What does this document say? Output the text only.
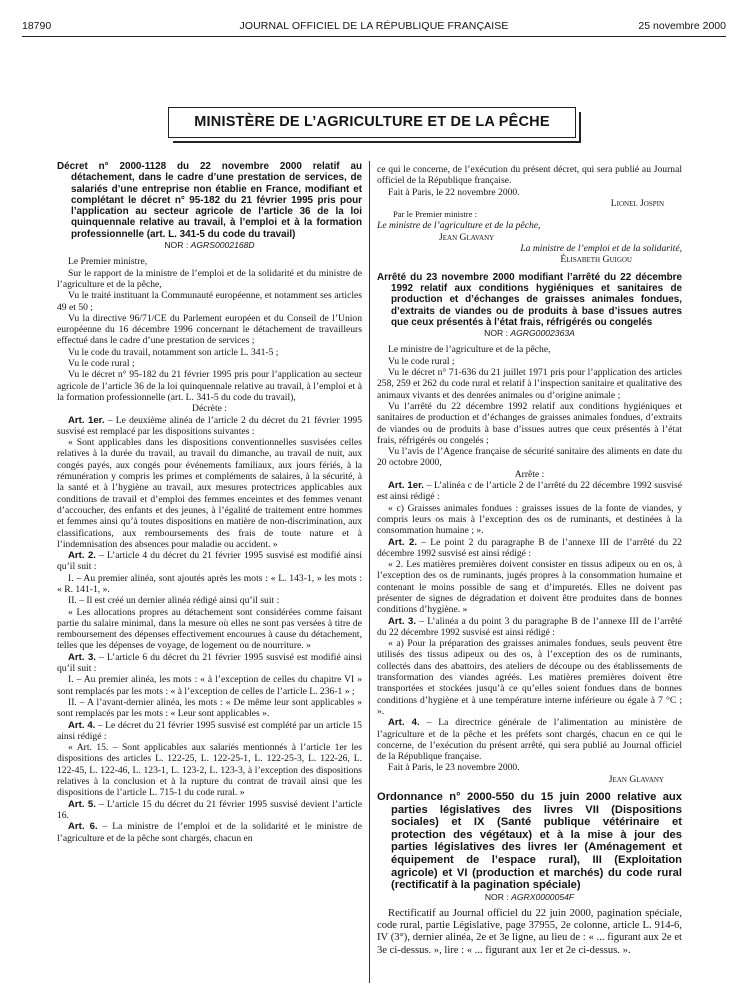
18790	JOURNAL OFFICIEL DE LA RÉPUBLIQUE FRANÇAISE	25 novembre 2000
MINISTÈRE DE L’AGRICULTURE ET DE LA PÊCHE

Décret n° 2000-1128 du 22 novembre 2000 relatif au détachement, dans le cadre d’une prestation de services, de salariés d’une entreprise non établie en France, modifiant et complétant le décret n° 95-182 du 21 février 1995 pris pour l’application au secteur agricole de l’article 36 de la loi quinquennale relative au travail, à l’emploi et à la formation professionnelle (art. L. 341-5 du code du travail)

NOR : AGRS0002168D

Le Premier ministre,

Sur le rapport de la ministre de l’emploi et de la solidarité et du ministre de l’agriculture et de la pêche,

Vu le traité instituant la Communauté européenne, et notamment ses articles 49 et 50 ;

Vu la directive 96/71/CE du Parlement européen et du Conseil de l’Union européenne du 16 décembre 1996 concernant le détachement de travailleurs effectué dans le cadre d’une prestation de services ;

Vu le code du travail, notamment son article L. 341-5 ;

Vu le code rural ;

Vu le décret n° 95-182 du 21 février 1995 pris pour l’application au secteur agricole de l’article 36 de la loi quinquennale relative au travail, à l’emploi et à la formation professionnelle (art. L. 341-5 du code du travail),

Décrète :

Art. 1er. – Le deuxième alinéa de l’article 2 du décret du 21 février 1995 susvisé est remplacé par les dispositions suivantes :

« Sont applicables dans les dispositions conventionnelles susvisées celles relatives à la durée du travail, au travail du dimanche, au travail de nuit, aux congés payés, aux congés pour événements familiaux, aux jours fériés, à la rémunération y compris les primes et compléments de salaires, à la sécurité, à la santé et à l’hygiène au travail, aux mesures protectrices applicables aux conditions de travail et d’emploi des femmes enceintes et des femmes venant d’accoucher, des enfants et des jeunes, à l’égalité de traitement entre hommes et femmes ainsi qu’à toutes dispositions en matière de non-discrimination, aux classifications, aux remboursements des frais de toute nature et à l’indemnisation des absences pour maladie ou accident. »

Art. 2. – L’article 4 du décret du 21 février 1995 susvisé est modifié ainsi qu’il suit :

I. – Au premier alinéa, sont ajoutés après les mots : « L. 143-1, » les mots : « R. 141-1, ».

II. – Il est créé un dernier alinéa rédigé ainsi qu’il suit :

« Les allocations propres au détachement sont considérées comme faisant partie du salaire minimal, dans la mesure où elles ne sont pas versées à titre de remboursement des dépenses effectivement encourues à cause du détachement, telles que les dépenses de voyage, de logement ou de nourriture. »

Art. 3. – L’article 6 du décret du 21 février 1995 susvisé est modifié ainsi qu’il suit :

I. – Au premier alinéa, les mots : « à l’exception de celles du chapitre VI » sont remplacés par les mots : « à l’exception de celles de l’article L. 236-1 » ;

II. – A l’avant-dernier alinéa, les mots : « De même leur sont applicables » sont remplacés par les mots : « Leur sont applicables ».

Art. 4. – Le décret du 21 février 1995 susvisé est complété par un article 15 ainsi rédigé :

« Art. 15. – Sont applicables aux salariés mentionnés à l’article 1er les dispositions des articles L. 122-25, L. 122-25-1, L. 122-25-3, L. 122-26, L. 122-45, L. 122-46, L. 123-1, L. 123-2, L. 123-3, à l’exception des dispositions relatives à la conclusion et à la rupture du contrat de travail ainsi que les dispositions de l’article L. 715-1 du code rural. »

Art. 5. – L’article 15 du décret du 21 février 1995 susvisé devient l’article 16.

Art. 6. – La ministre de l’emploi et de la solidarité et le ministre de l’agriculture et de la pêche sont chargés, chacun en

ce qui le concerne, de l’exécution du présent décret, qui sera publié au Journal officiel de la République française.

Fait à Paris, le 22 novembre 2000.

Lionel Jospin

Par le Premier ministre :

Le ministre de l’agriculture et de la pêche,

Jean Glavany

La ministre de l’emploi et de la solidarité,

Élisabeth Guigou

Arrêté du 23 novembre 2000 modifiant l’arrêté du 22 décembre 1992 relatif aux conditions hygiéniques et sanitaires de production et d’échanges de graisses animales fondues, d’extraits de viandes ou de produits à base d’issues autres que ceux présentés à l’état frais, réfrigérés ou congelés

NOR : AGRG0002363A

Le ministre de l’agriculture et de la pêche,

Vu le code rural ;

Vu le décret n° 71-636 du 21 juillet 1971 pris pour l’application des articles 258, 259 et 262 du code rural et relatif à l’inspection sanitaire et qualitative des animaux vivants et des denrées animales ou d’origine animale ;

Vu l’arrêté du 22 décembre 1992 relatif aux conditions hygiéniques et sanitaires de production et d’échanges de graisses animales fondues, d’extraits de viandes ou de produits à base d’issues autres que ceux présentés à l’état frais, réfrigérés ou congelés ;

Vu l’avis de l’Agence française de sécurité sanitaire des aliments en date du 20 octobre 2000,

Arrête :

Art. 1er. – L’alinéa c de l’article 2 de l’arrêté du 22 décembre 1992 susvisé est ainsi rédigé :

« c) Graisses animales fondues : graisses issues de la fonte de viandes, y compris leurs os mais à l’exception des os de ruminants, et destinées à la consommation humaine ; ».

Art. 2. – Le point 2 du paragraphe B de l’annexe III de l’arrêté du 22 décembre 1992 susvisé est ainsi rédigé :

« 2. Les matières premières doivent consister en tissus adipeux ou en os, à l’exception des os de ruminants, jugés propres à la consommation humaine et contenant le moins possible de sang et d’impuretés. Elles ne doivent pas présenter de signes de dégradation et doivent être produites dans de bonnes conditions d’hygiène. »

Art. 3. – L’alinéa a du point 3 du paragraphe B de l’annexe III de l’arrêté du 22 décembre 1992 susvisé est ainsi rédigé :

« a) Pour la préparation des graisses animales fondues, seuls peuvent être utilisés des tissus adipeux ou des os, à l’exception des os de ruminants, collectés dans des abattoirs, des ateliers de découpe ou des établissements de transformation des viandes agréés. Les matières premières doivent être transportées et stockées jusqu’à ce qu’elles soient fondues dans de bonnes conditions d’hygiène et à une température interne inférieure ou égale à 7 °C ; ».

Art. 4. – La directrice générale de l’alimentation au ministère de l’agriculture et de la pêche et les préfets sont chargés, chacun en ce qui le concerne, de l’exécution du présent arrêté, qui sera publié au Journal officiel de la République française.

Fait à Paris, le 23 novembre 2000.

Jean Glavany

Ordonnance n° 2000-550 du 15 juin 2000 relative aux parties législatives des livres VII (Dispositions sociales) et IX (Santé publique vétérinaire et protection des végétaux) et à la mise à jour des parties législatives des livres Ier (Aménagement et équipement de l’espace rural), III (Exploitation agricole) et VI (production et marchés) du code rural (rectificatif à la pagination spéciale)

NOR : AGRX0000054F

Rectificatif au Journal officiel du 22 juin 2000, pagination spéciale, code rural, partie Législative, page 37955, 2e colonne, article L. 914-6, IV (3°), dernier alinéa, 2e et 3e ligne, au lieu de : « ... figurant aux 2e et 3e ci-dessus. », lire : « ... figurant aux 1er et 2e ci-dessus. ».
